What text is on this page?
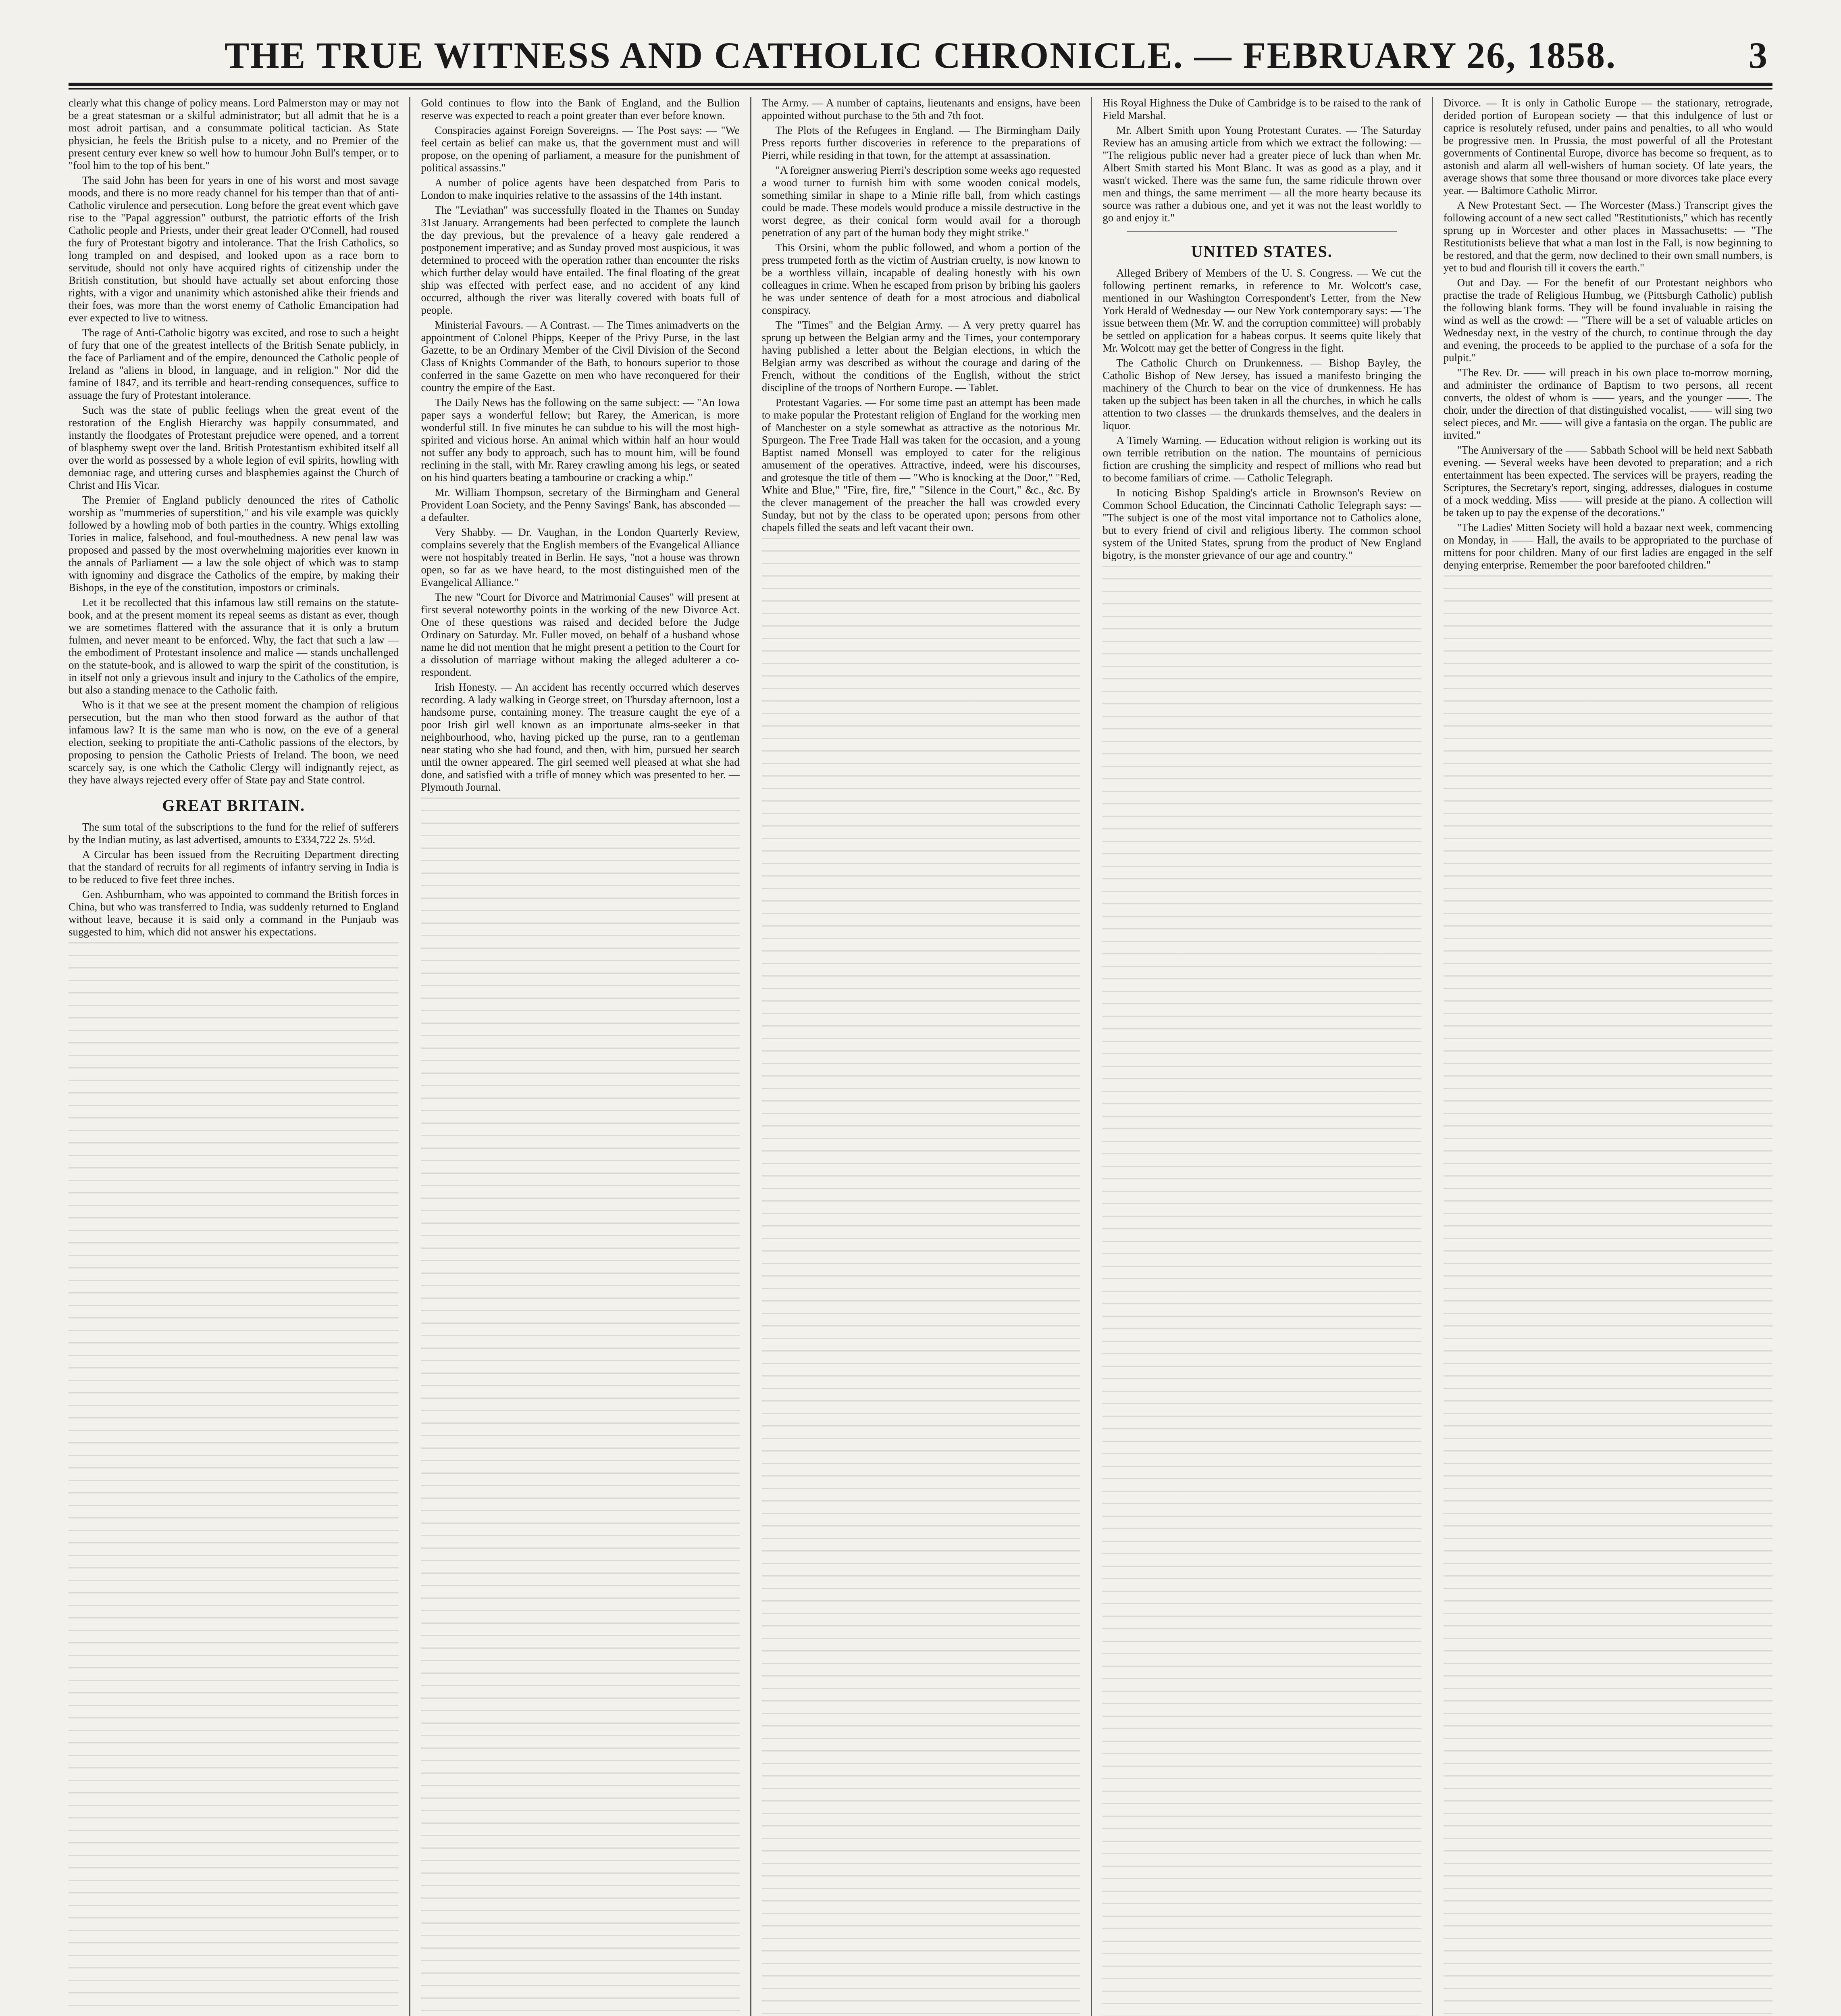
THE TRUE WITNESS AND CATHOLIC CHRONICLE. — FEBRUARY 26, 1858.	3

clearly what this change of policy means. Lord Palmerston may or may not be a great statesman or a skilful administrator; but all admit that he is a most adroit partisan, and a consummate political tactician. As State physician, he feels the British pulse to a nicety, and no Premier of the present century ever knew so well how to humour John Bull's temper, or to "fool him to the top of his bent."

The said John has been for years in one of his worst and most savage moods, and there is no more ready channel for his temper than that of anti-Catholic virulence and persecution. Long before the great event which gave rise to the "Papal aggression" outburst, the patriotic efforts of the Irish Catholic people and Priests, under their great leader O'Connell, had roused the fury of Protestant bigotry and intolerance. That the Irish Catholics, so long trampled on and despised, and looked upon as a race born to servitude, should not only have acquired rights of citizenship under the British constitution, but should have actually set about enforcing those rights, with a vigor and unanimity which astonished alike their friends and their foes, was more than the worst enemy of Catholic Emancipation had ever expected to live to witness.

The rage of Anti-Catholic bigotry was excited, and rose to such a height of fury that one of the greatest intellects of the British Senate publicly, in the face of Parliament and of the empire, denounced the Catholic people of Ireland as "aliens in blood, in language, and in religion." Nor did the famine of 1847, and its terrible and heart-rending consequences, suffice to assuage the fury of Protestant intolerance.

Such was the state of public feelings when the great event of the restoration of the English Hierarchy was happily consummated, and instantly the floodgates of Protestant prejudice were opened, and a torrent of blasphemy swept over the land. British Protestantism exhibited itself all over the world as possessed by a whole legion of evil spirits, howling with demoniac rage, and uttering curses and blasphemies against the Church of Christ and His Vicar.

The Premier of England publicly denounced the rites of Catholic worship as "mummeries of superstition," and his vile example was quickly followed by a howling mob of both parties in the country. Whigs extolling Tories in malice, falsehood, and foul-mouthedness. A new penal law was proposed and passed by the most overwhelming majorities ever known in the annals of Parliament — a law the sole object of which was to stamp with ignominy and disgrace the Catholics of the empire, by making their Bishops, in the eye of the constitution, impostors or criminals.

Let it be recollected that this infamous law still remains on the statute-book, and at the present moment its repeal seems as distant as ever, though we are sometimes flattered with the assurance that it is only a brutum fulmen, and never meant to be enforced. Why, the fact that such a law — the embodiment of Protestant insolence and malice — stands unchallenged on the statute-book, and is allowed to warp the spirit of the constitution, is in itself not only a grievous insult and injury to the Catholics of the empire, but also a standing menace to the Catholic faith.

Who is it that we see at the present moment the champion of religious persecution, but the man who then stood forward as the author of that infamous law? It is the same man who is now, on the eve of a general election, seeking to propitiate the anti-Catholic passions of the electors, by proposing to pension the Catholic Priests of Ireland. The boon, we need scarcely say, is one which the Catholic Clergy will indignantly reject, as they have always rejected every offer of State pay and State control.

GREAT BRITAIN.

The sum total of the subscriptions to the fund for the relief of sufferers by the Indian mutiny, as last advertised, amounts to £334,722 2s. 5½d.

A Circular has been issued from the Recruiting Department directing that the standard of recruits for all regiments of infantry serving in India is to be reduced to five feet three inches.

Gen. Ashburnham, who was appointed to command the British forces in China, but who was transferred to India, was suddenly returned to England without leave, because it is said only a command in the Punjaub was suggested to him, which did not answer his expectations.

Gold continues to flow into the Bank of England, and the Bullion reserve was expected to reach a point greater than ever before known.

Conspiracies against Foreign Sovereigns. — The Post says: — "We feel certain as belief can make us, that the government must and will propose, on the opening of parliament, a measure for the punishment of political assassins."

A number of police agents have been despatched from Paris to London to make inquiries relative to the assassins of the 14th instant.

The "Leviathan" was successfully floated in the Thames on Sunday 31st January. Arrangements had been perfected to complete the launch the day previous, but the prevalence of a heavy gale rendered a postponement imperative; and as Sunday proved most auspicious, it was determined to proceed with the operation rather than encounter the risks which further delay would have entailed. The final floating of the great ship was effected with perfect ease, and no accident of any kind occurred, although the river was literally covered with boats full of people.

Ministerial Favours. — A Contrast. — The Times animadverts on the appointment of Colonel Phipps, Keeper of the Privy Purse, in the last Gazette, to be an Ordinary Member of the Civil Division of the Second Class of Knights Commander of the Bath, to honours superior to those conferred in the same Gazette on men who have reconquered for their country the empire of the East.

The Daily News has the following on the same subject: — "An Iowa paper says a wonderful fellow; but Rarey, the American, is more wonderful still. In five minutes he can subdue to his will the most high-spirited and vicious horse. An animal which within half an hour would not suffer any body to approach, such has to mount him, will be found reclining in the stall, with Mr. Rarey crawling among his legs, or seated on his hind quarters beating a tambourine or cracking a whip."

Mr. William Thompson, secretary of the Birmingham and General Provident Loan Society, and the Penny Savings' Bank, has absconded — a defaulter.

Very Shabby. — Dr. Vaughan, in the London Quarterly Review, complains severely that the English members of the Evangelical Alliance were not hospitably treated in Berlin. He says, "not a house was thrown open, so far as we have heard, to the most distinguished men of the Evangelical Alliance."

The new "Court for Divorce and Matrimonial Causes" will present at first several noteworthy points in the working of the new Divorce Act. One of these questions was raised and decided before the Judge Ordinary on Saturday. Mr. Fuller moved, on behalf of a husband whose name he did not mention that he might present a petition to the Court for a dissolution of marriage without making the alleged adulterer a co-respondent.

Irish Honesty. — An accident has recently occurred which deserves recording. A lady walking in George street, on Thursday afternoon, lost a handsome purse, containing money. The treasure caught the eye of a poor Irish girl well known as an importunate alms-seeker in that neighbourhood, who, having picked up the purse, ran to a gentleman near stating who she had found, and then, with him, pursued her search until the owner appeared. The girl seemed well pleased at what she had done, and satisfied with a trifle of money which was presented to her. — Plymouth Journal.

The Army. — A number of captains, lieutenants and ensigns, have been appointed without purchase to the 5th and 7th foot.

The Plots of the Refugees in England. — The Birmingham Daily Press reports further discoveries in reference to the preparations of Pierri, while residing in that town, for the attempt at assassination.

"A foreigner answering Pierri's description some weeks ago requested a wood turner to furnish him with some wooden conical models, something similar in shape to a Minie rifle ball, from which castings could be made. These models would produce a missile destructive in the worst degree, as their conical form would avail for a thorough penetration of any part of the human body they might strike."

This Orsini, whom the public followed, and whom a portion of the press trumpeted forth as the victim of Austrian cruelty, is now known to be a worthless villain, incapable of dealing honestly with his own colleagues in crime. When he escaped from prison by bribing his gaolers he was under sentence of death for a most atrocious and diabolical conspiracy.

The "Times" and the Belgian Army. — A very pretty quarrel has sprung up between the Belgian army and the Times, your contemporary having published a letter about the Belgian elections, in which the Belgian army was described as without the courage and daring of the French, without the conditions of the English, without the strict discipline of the troops of Northern Europe. — Tablet.

Protestant Vagaries. — For some time past an attempt has been made to make popular the Protestant religion of England for the working men of Manchester on a style somewhat as attractive as the notorious Mr. Spurgeon. The Free Trade Hall was taken for the occasion, and a young Baptist named Monsell was employed to cater for the religious amusement of the operatives. Attractive, indeed, were his discourses, and grotesque the title of them — "Who is knocking at the Door," "Red, White and Blue," "Fire, fire, fire," "Silence in the Court," &c., &c. By the clever management of the preacher the hall was crowded every Sunday, but not by the class to be operated upon; persons from other chapels filled the seats and left vacant their own.

His Royal Highness the Duke of Cambridge is to be raised to the rank of Field Marshal.

Mr. Albert Smith upon Young Protestant Curates. — The Saturday Review has an amusing article from which we extract the following: — "The religious public never had a greater piece of luck than when Mr. Albert Smith started his Mont Blanc. It was as good as a play, and it wasn't wicked. There was the same fun, the same ridicule thrown over men and things, the same merriment — all the more hearty because its source was rather a dubious one, and yet it was not the least worldly to go and enjoy it."

UNITED STATES.

Alleged Bribery of Members of the U. S. Congress. — We cut the following pertinent remarks, in reference to Mr. Wolcott's case, mentioned in our Washington Correspondent's Letter, from the New York Herald of Wednesday — our New York contemporary says: — The issue between them (Mr. W. and the corruption committee) will probably be settled on application for a habeas corpus. It seems quite likely that Mr. Wolcott may get the better of Congress in the fight.

The Catholic Church on Drunkenness. — Bishop Bayley, the Catholic Bishop of New Jersey, has issued a manifesto bringing the machinery of the Church to bear on the vice of drunkenness. He has taken up the subject has been taken in all the churches, in which he calls attention to two classes — the drunkards themselves, and the dealers in liquor.

A Timely Warning. — Education without religion is working out its own terrible retribution on the nation. The mountains of pernicious fiction are crushing the simplicity and respect of millions who read but to become familiars of crime. — Catholic Telegraph.

In noticing Bishop Spalding's article in Brownson's Review on Common School Education, the Cincinnati Catholic Telegraph says: — "The subject is one of the most vital importance not to Catholics alone, but to every friend of civil and religious liberty. The common school system of the United States, sprung from the product of New England bigotry, is the monster grievance of our age and country."

Divorce. — It is only in Catholic Europe — the stationary, retrograde, derided portion of European society — that this indulgence of lust or caprice is resolutely refused, under pains and penalties, to all who would be progressive men. In Prussia, the most powerful of all the Protestant governments of Continental Europe, divorce has become so frequent, as to astonish and alarm all well-wishers of human society. Of late years, the average shows that some three thousand or more divorces take place every year. — Baltimore Catholic Mirror.

A New Protestant Sect. — The Worcester (Mass.) Transcript gives the following account of a new sect called "Restitutionists," which has recently sprung up in Worcester and other places in Massachusetts: — "The Restitutionists believe that what a man lost in the Fall, is now beginning to be restored, and that the germ, now declined to their own small numbers, is yet to bud and flourish till it covers the earth."

Out and Day. — For the benefit of our Protestant neighbors who practise the trade of Religious Humbug, we (Pittsburgh Catholic) publish the following blank forms. They will be found invaluable in raising the wind as well as the crowd: — "There will be a set of valuable articles on Wednesday next, in the vestry of the church, to continue through the day and evening, the proceeds to be applied to the purchase of a sofa for the pulpit."

"The Rev. Dr. —— will preach in his own place to-morrow morning, and administer the ordinance of Baptism to two persons, all recent converts, the oldest of whom is —— years, and the younger ——. The choir, under the direction of that distinguished vocalist, —— will sing two select pieces, and Mr. —— will give a fantasia on the organ. The public are invited."

"The Anniversary of the —— Sabbath School will be held next Sabbath evening. — Several weeks have been devoted to preparation; and a rich entertainment has been expected. The services will be prayers, reading the Scriptures, the Secretary's report, singing, addresses, dialogues in costume of a mock wedding. Miss —— will preside at the piano. A collection will be taken up to pay the expense of the decorations."

"The Ladies' Mitten Society will hold a bazaar next week, commencing on Monday, in —— Hall, the avails to be appropriated to the purchase of mittens for poor children. Many of our first ladies are engaged in the self denying enterprise. Remember the poor barefooted children."
